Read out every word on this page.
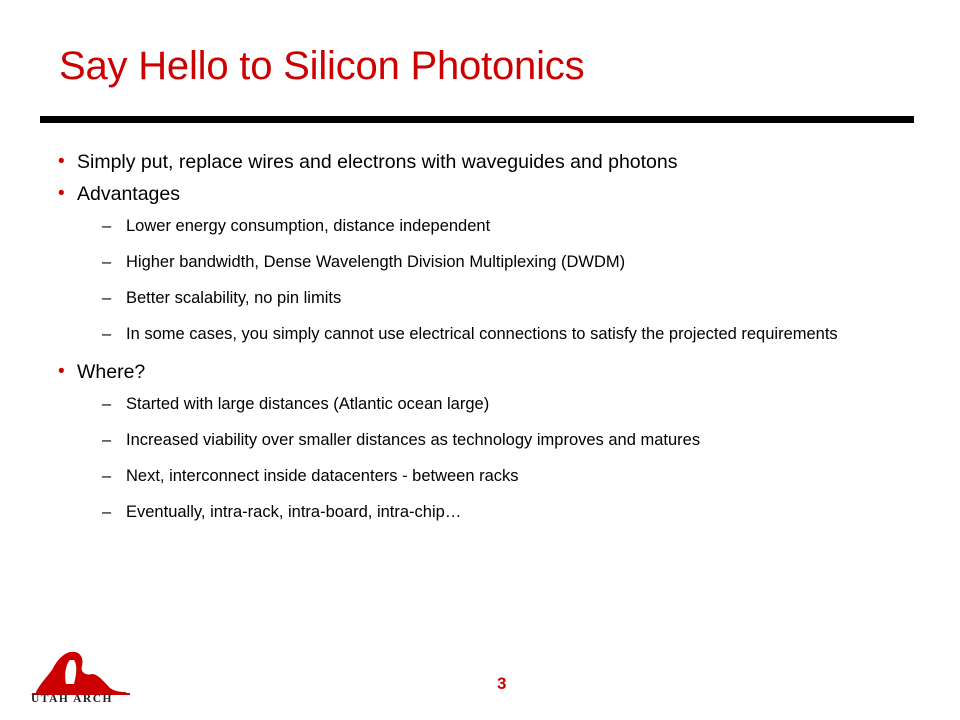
Say Hello to Silicon Photonics
• Simply put, replace wires and electrons with waveguides and photons
• Advantages
– Lower energy consumption, distance independent
– Higher bandwidth, Dense Wavelength Division Multiplexing (DWDM)
– Better scalability, no pin limits
– In some cases, you simply cannot use electrical connections to satisfy the projected requirements
• Where?
– Started with large distances (Atlantic ocean large)
– Increased viability over smaller distances as technology improves and matures
– Next, interconnect inside datacenters - between racks
– Eventually, intra-rack, intra-board, intra-chip…
UTAH ARCH
3
